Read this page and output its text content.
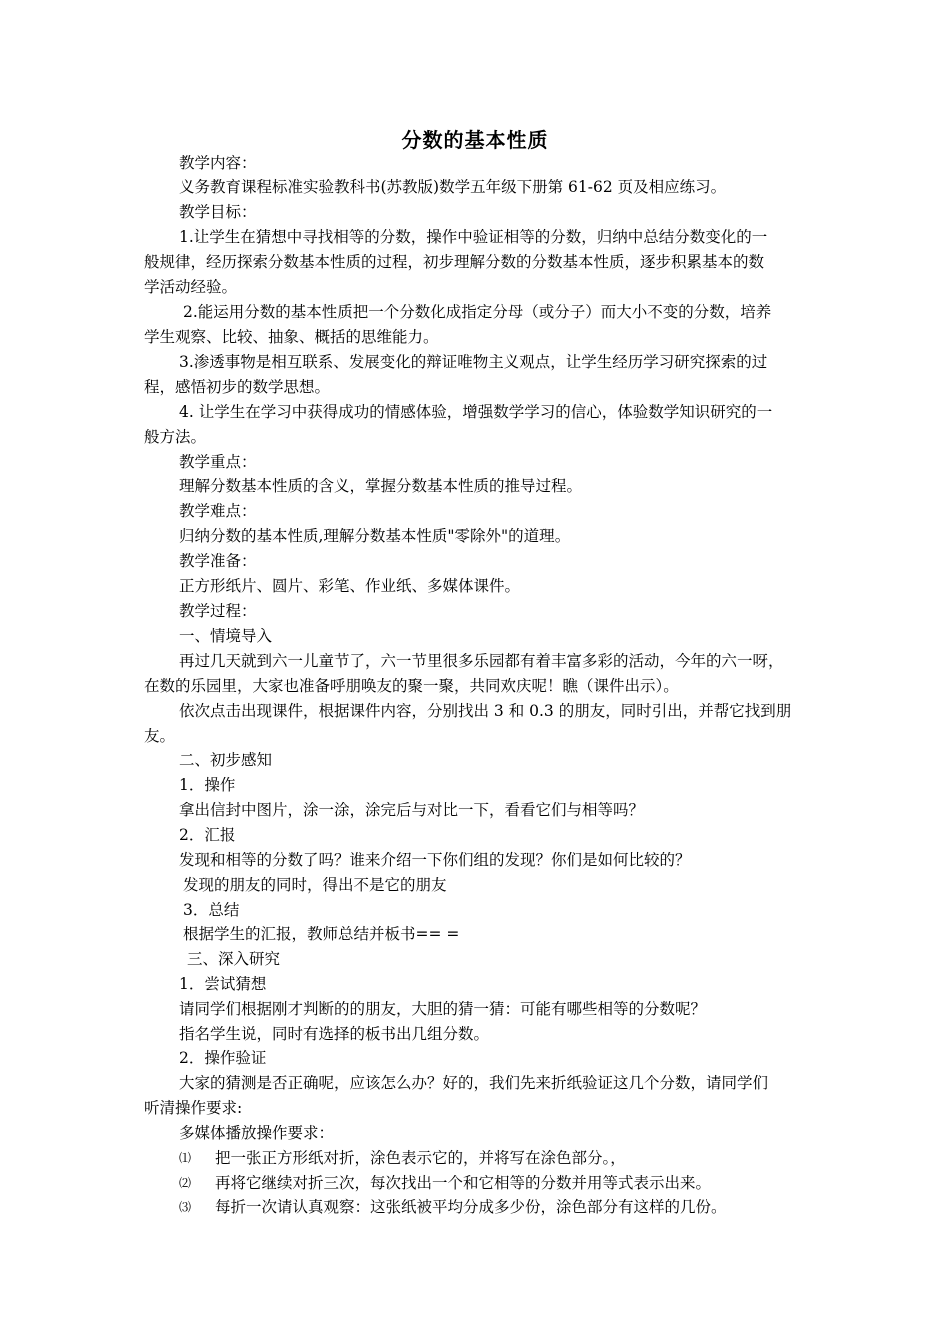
分数的基本性质
教学内容：
义务教育课程标准实验教科书(苏教版)数学五年级下册第 61-62 页及相应练习。
教学目标：
1.让学生在猜想中寻找相等的分数，操作中验证相等的分数，归纳中总结分数变化的一
般规律，经历探索分数基本性质的过程，初步理解分数的分数基本性质，逐步积累基本的数
学活动经验。
2.能运用分数的基本性质把一个分数化成指定分母（或分子）而大小不变的分数，培养
学生观察、比较、抽象、概括的思维能力。
3.渗透事物是相互联系、发展变化的辩证唯物主义观点，让学生经历学习研究探索的过
程，感悟初步的数学思想。
4. 让学生在学习中获得成功的情感体验，增强数学学习的信心，体验数学知识研究的一
般方法。
教学重点：
理解分数基本性质的含义，掌握分数基本性质的推导过程。
教学难点：
归纳分数的基本性质,理解分数基本性质"零除外"的道理。
教学准备：
正方形纸片、圆片、彩笔、作业纸、多媒体课件。
教学过程：
一、情境导入
再过几天就到六一儿童节了，六一节里很多乐园都有着丰富多彩的活动，今年的六一呀，
在数的乐园里，大家也准备呼朋唤友的聚一聚，共同欢庆呢！瞧（课件出示）。
依次点击出现课件，根据课件内容，分别找出 3 和 0.3 的朋友，同时引出，并帮它找到朋
友。
二、初步感知
1．操作
拿出信封中图片，涂一涂，涂完后与对比一下，看看它们与相等吗？
2．汇报
发现和相等的分数了吗？谁来介绍一下你们组的发现？你们是如何比较的？
发现的朋友的同时，得出不是它的朋友
3．总结
根据学生的汇报，教师总结并板书== =
三、深入研究
1．尝试猜想
请同学们根据刚才判断的的朋友，大胆的猜一猜：可能有哪些相等的分数呢？
指名学生说，同时有选择的板书出几组分数。
2．操作验证
大家的猜测是否正确呢，应该怎么办？好的，我们先来折纸验证这几个分数，请同学们
听清操作要求:
多媒体播放操作要求：
⑴ 把一张正方形纸对折，涂色表示它的，并将写在涂色部分。，
⑵ 再将它继续对折三次，每次找出一个和它相等的分数并用等式表示出来。
⑶ 每折一次请认真观察：这张纸被平均分成多少份，涂色部分有这样的几份。
